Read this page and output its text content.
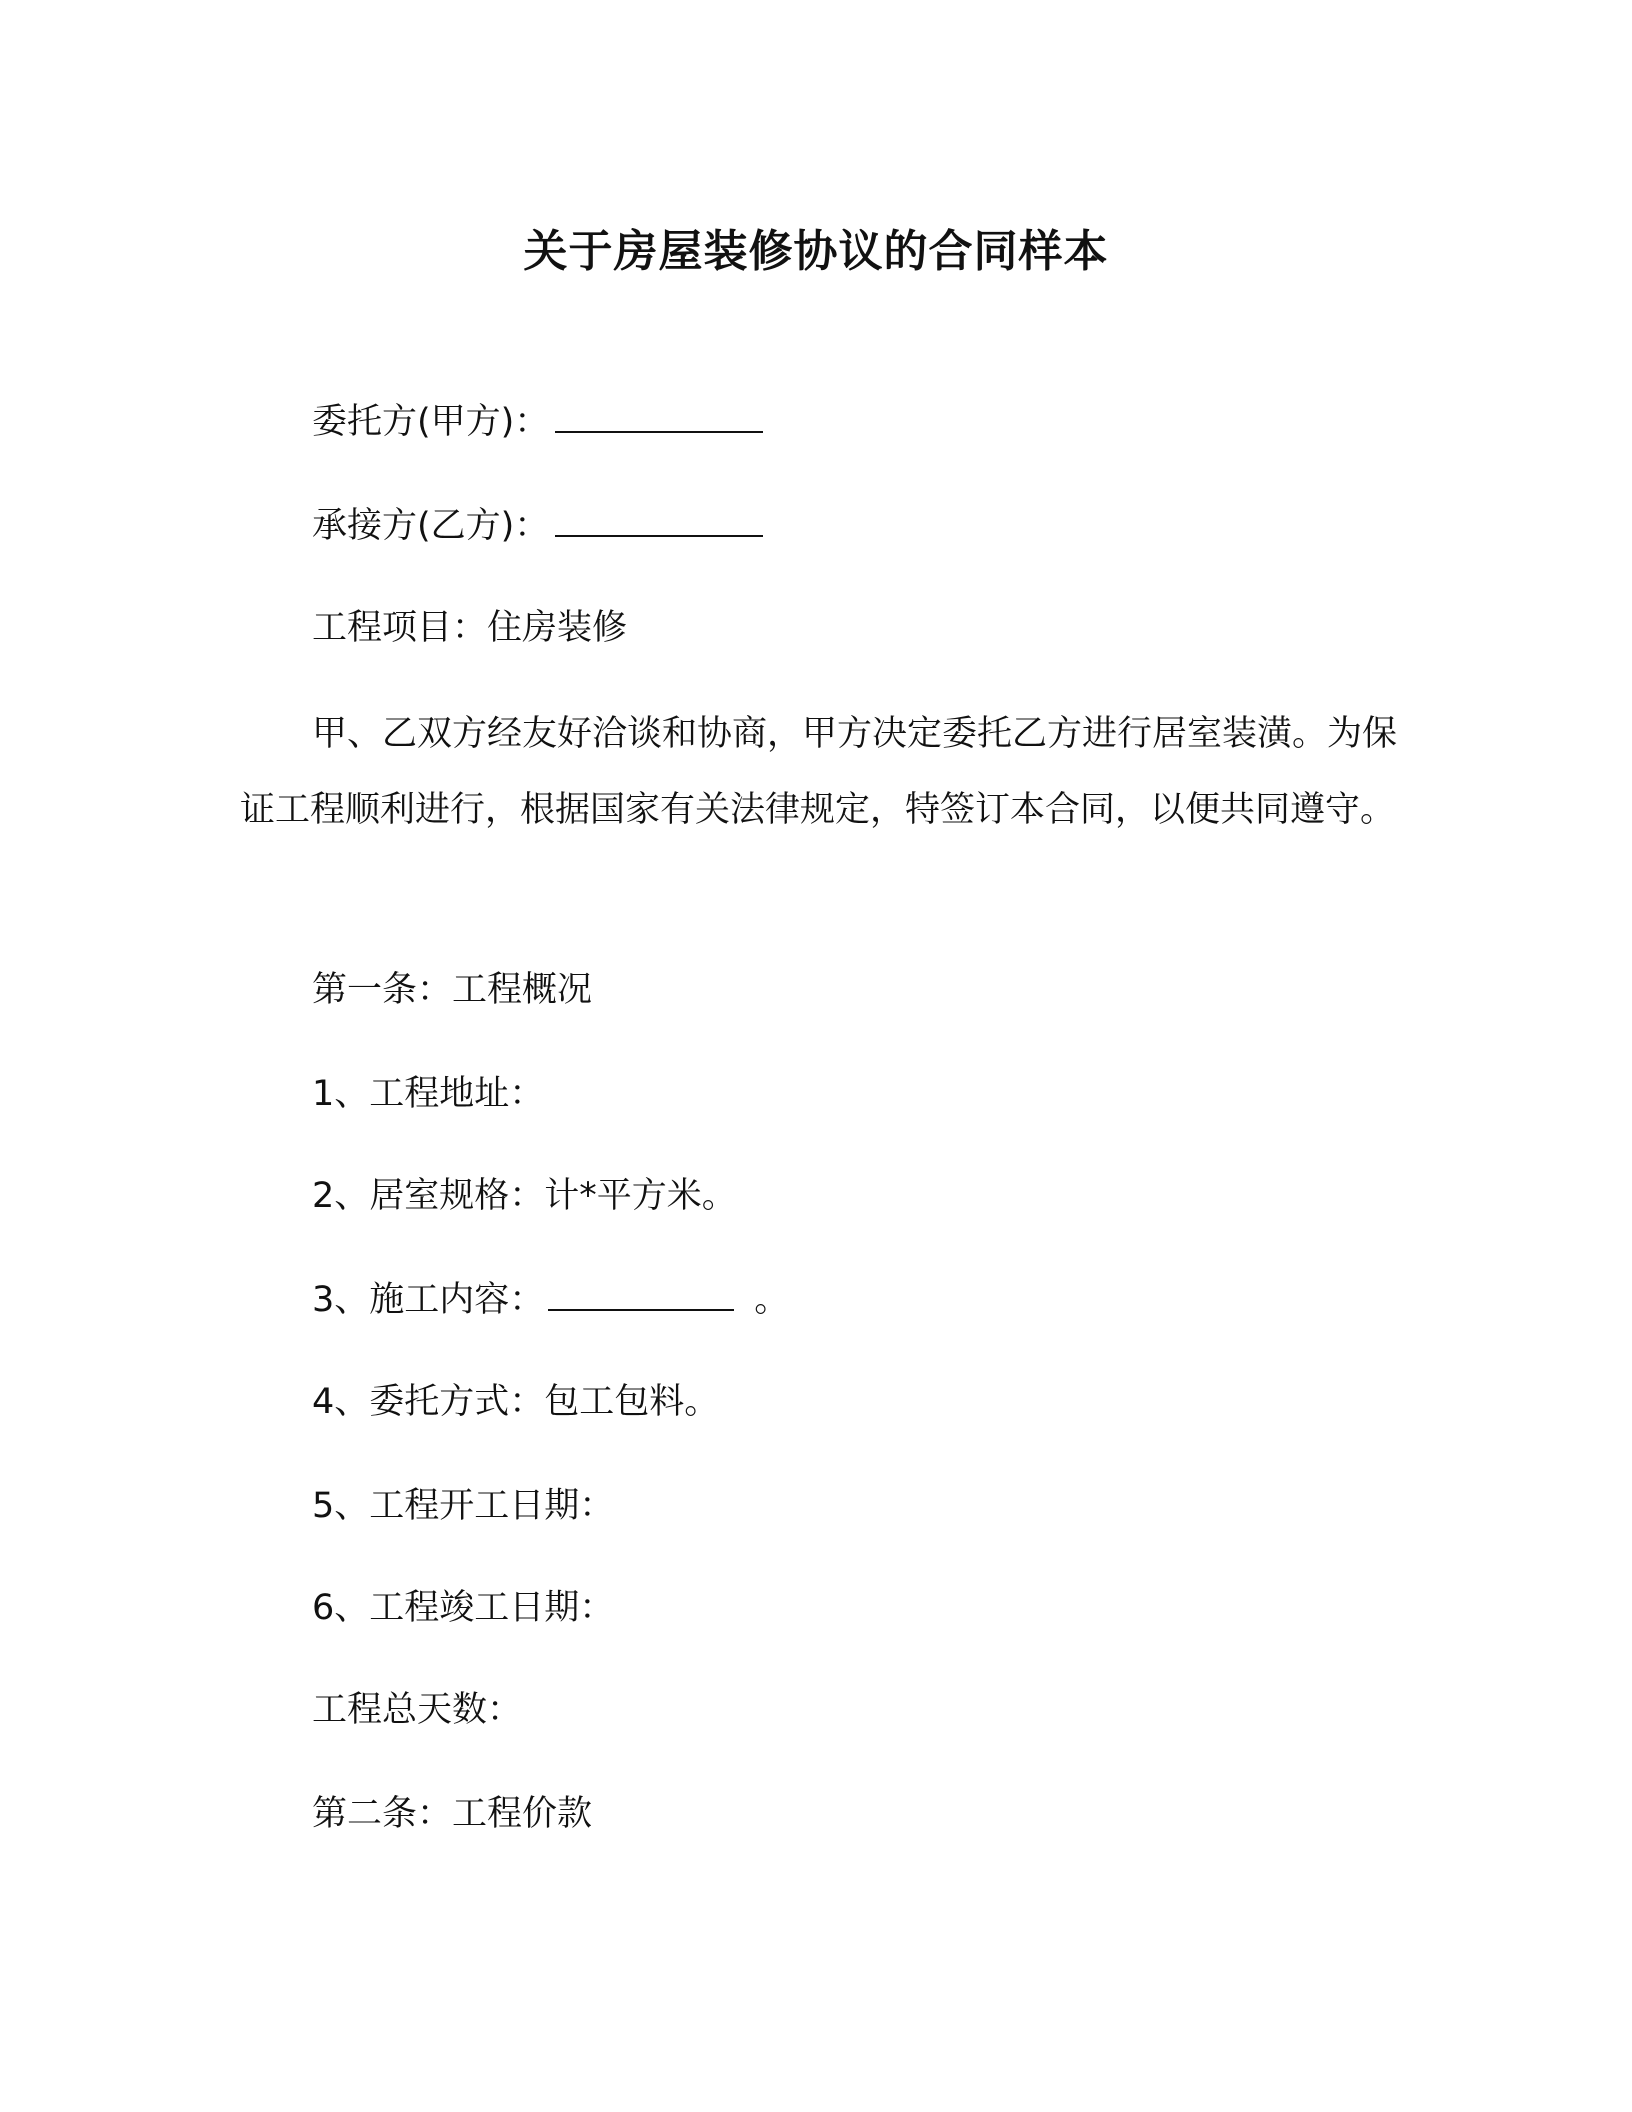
关于房屋装修协议的合同样本
委托方(甲方)：
承接方(乙方)：
工程项目：住房装修

甲、乙双方经友好洽谈和协商，甲方决定委托乙方进行居室装潢。为保证工程顺利进行，根据国家有关法律规定，特签订本合同，以便共同遵守。

第一条：工程概况
1、工程地址：
2、居室规格：计*平方米。
3、施工内容：	。
4、委托方式：包工包料。
5、工程开工日期：
6、工程竣工日期：
工程总天数：
第二条：工程价款
